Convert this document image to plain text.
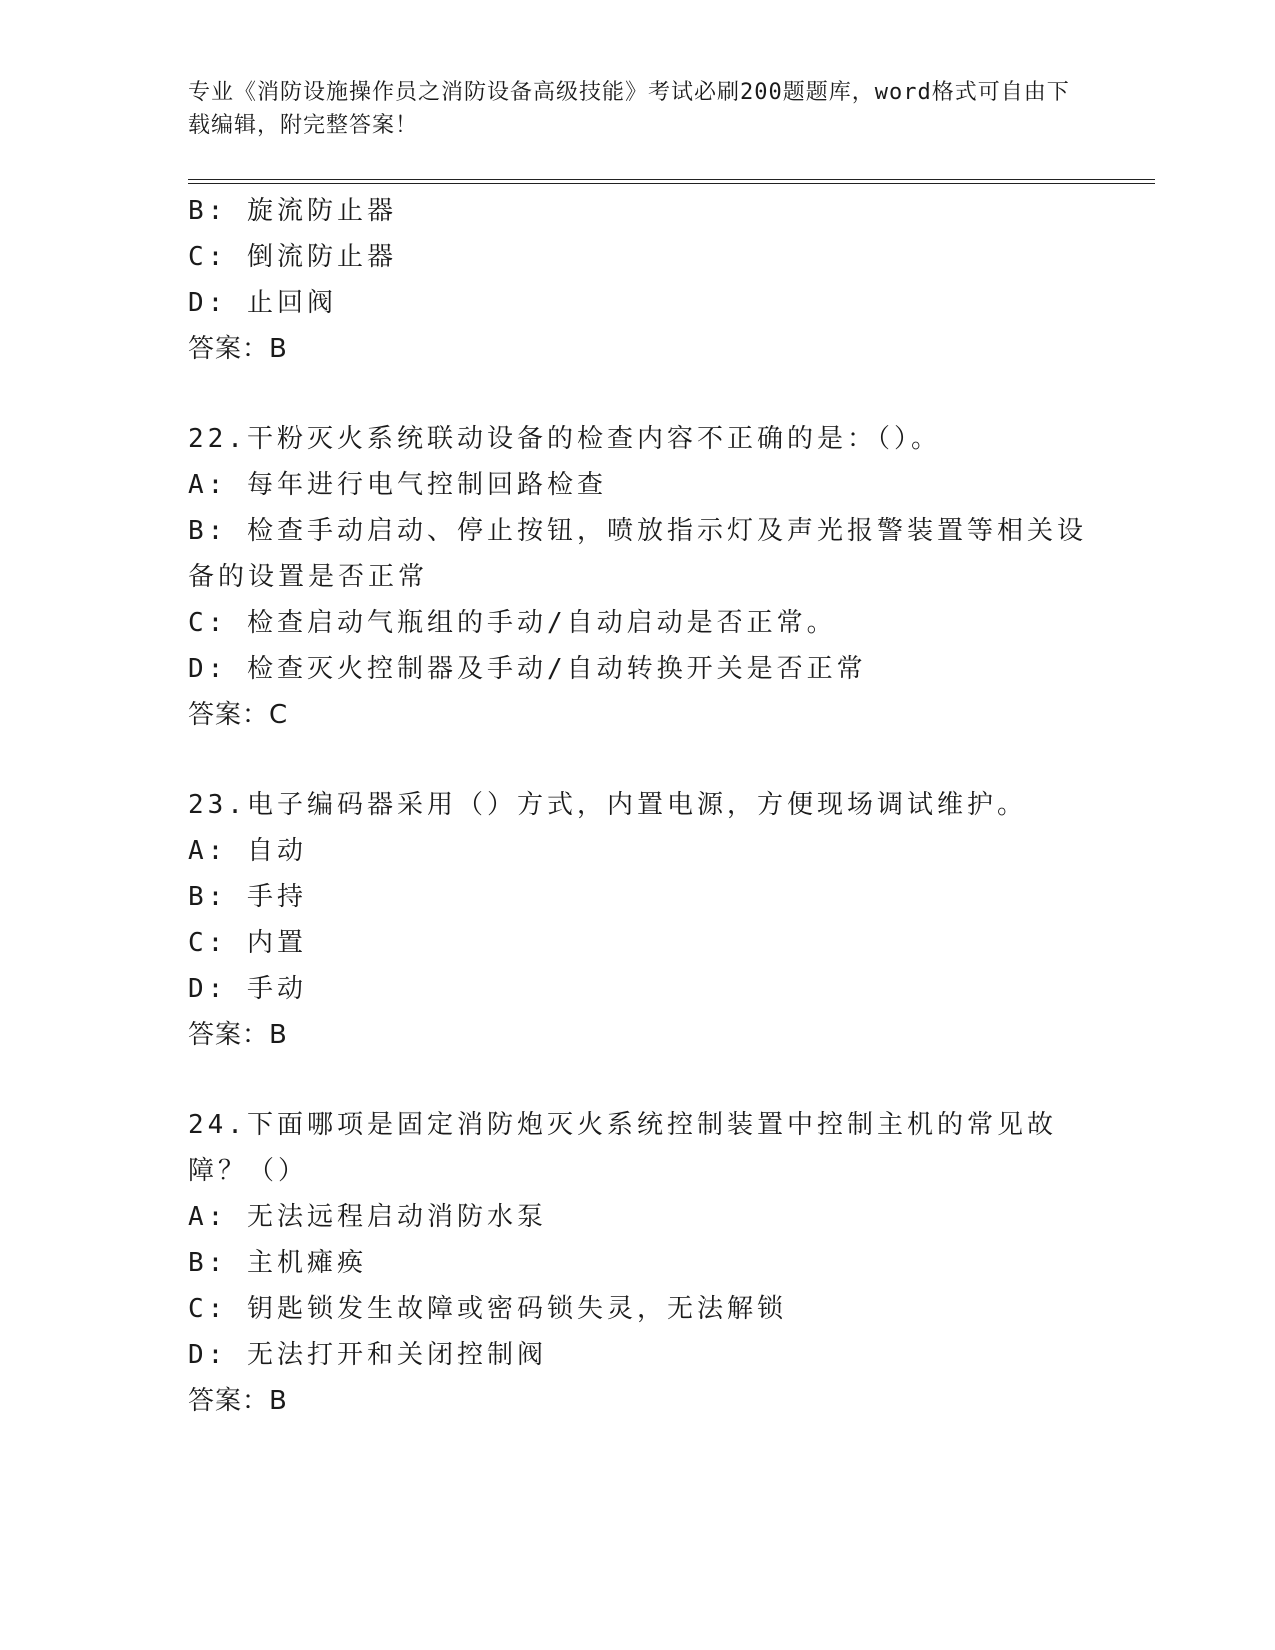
专业《消防设施操作员之消防设备高级技能》考试必刷200题题库，word格式可自由下载编辑，附完整答案！

B: 旋流防止器
C: 倒流防止器
D: 止回阀
答案：B
22.干粉灭火系统联动设备的检查内容不正确的是：（）。
A: 每年进行电气控制回路检查
B: 检查手动启动、停止按钮，喷放指示灯及声光报警装置等相关设备的设置是否正常
C: 检查启动气瓶组的手动/自动启动是否正常。
D: 检查灭火控制器及手动/自动转换开关是否正常
答案：C
23.电子编码器采用（）方式，内置电源，方便现场调试维护。
A: 自动
B: 手持
C: 内置
D: 手动
答案：B
24.下面哪项是固定消防炮灭火系统控制装置中控制主机的常见故障？（）
A: 无法远程启动消防水泵
B: 主机瘫痪
C: 钥匙锁发生故障或密码锁失灵，无法解锁
D: 无法打开和关闭控制阀
答案：B
